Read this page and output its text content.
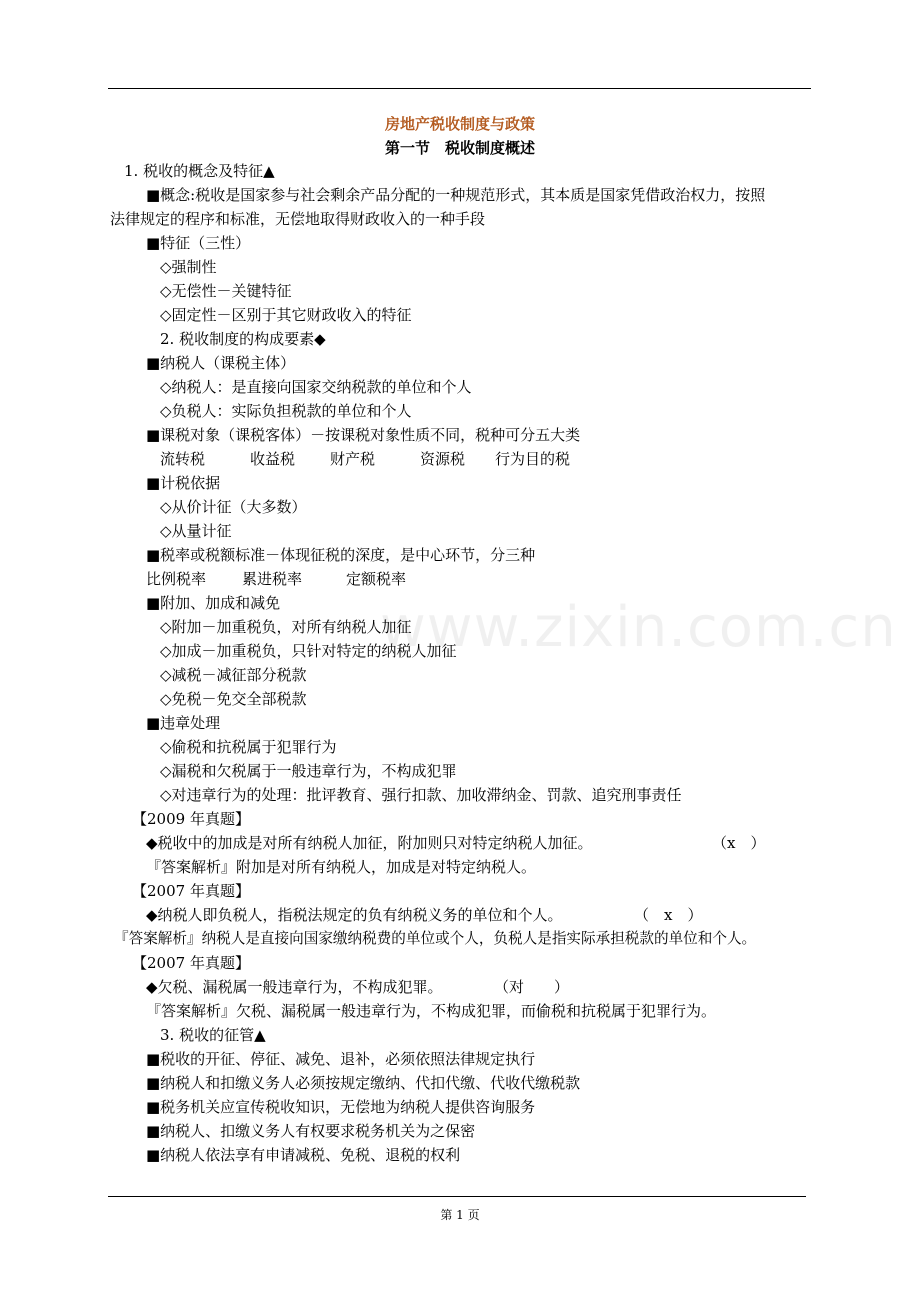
www.zixin.com.cn
房地产税收制度与政策
第一节　税收制度概述
1. 税收的概念及特征▲
■概念:税收是国家参与社会剩余产品分配的一种规范形式，其本质是国家凭借政治权力，按照
法律规定的程序和标准，无偿地取得财政收入的一种手段
■特征（三性）
◇强制性
◇无偿性－关键特征
◇固定性－区别于其它财政收入的特征
2. 税收制度的构成要素◆
■纳税人（课税主体）
◇纳税人：是直接向国家交纳税款的单位和个人
◇负税人：实际负担税款的单位和个人
■课税对象（课税客体）－按课税对象性质不同，税种可分五大类
流转税	收益税 财产税	资源税 行为目的税
■计税依据
◇从价计征（大多数）
◇从量计征
■税率或税额标准－体现征税的深度，是中心环节，分三种
比例税率 累进税率	定额税率
■附加、加成和减免
◇附加－加重税负，对所有纳税人加征
◇加成－加重税负，只针对特定的纳税人加征
◇减税－减征部分税款
◇免税－免交全部税款
■违章处理
◇偷税和抗税属于犯罪行为
◇漏税和欠税属于一般违章行为，不构成犯罪
◇对违章行为的处理：批评教育、强行扣款、加收滞纳金、罚款、追究刑事责任
【2009 年真题】
◆税收中的加成是对所有纳税人加征，附加则只对特定纳税人加征。	（x　）
『答案解析』附加是对所有纳税人，加成是对特定纳税人。
【2007 年真题】
◆纳税人即负税人，指税法规定的负有纳税义务的单位和个人。	（　x　）
『答案解析』纳税人是直接向国家缴纳税费的单位或个人，负税人是指实际承担税款的单位和个人。
【2007 年真题】
◆欠税、漏税属一般违章行为，不构成犯罪。	（对　　）
『答案解析』欠税、漏税属一般违章行为，不构成犯罪，而偷税和抗税属于犯罪行为。
3. 税收的征管▲
■税收的开征、停征、减免、退补，必须依照法律规定执行
■纳税人和扣缴义务人必须按规定缴纳、代扣代缴、代收代缴税款
■税务机关应宣传税收知识，无偿地为纳税人提供咨询服务
■纳税人、扣缴义务人有权要求税务机关为之保密
■纳税人依法享有申请减税、免税、退税的权利
第 1 页
